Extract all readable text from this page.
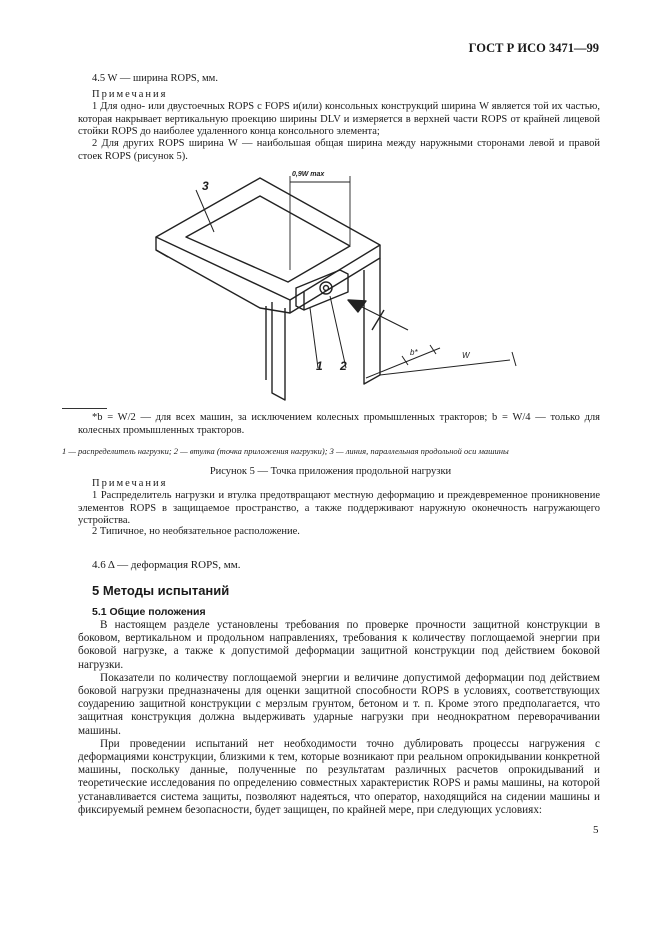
ГОСТ Р ИСО 3471—99
4.5 W — ширина ROPS, мм.
Примечания
1 Для одно- или двустоечных ROPS с FOPS и(или) консольных конструкций ширина W является той их частью, которая накрывает вертикальную проекцию ширины DLV и измеряется в верхней части ROPS от крайней лицевой стойки ROPS до наиболее удаленного конца консольного элемента;
2 Для других ROPS ширина W — наибольшая общая ширина между наружными сторонами левой и правой стоек ROPS (рисунок 5).
0,9W max
b*	W
1 2
3
*b = W/2 — для всех машин, за исключением колесных промышленных тракторов; b = W/4 — только для колесных промышленных тракторов.
1 — распределитель нагрузки; 2 — втулка (точка приложения нагрузки); 3 — линия, параллельная продольной оси машины
Рисунок 5 — Точка приложения продольной нагрузки
Примечания
1 Распределитель нагрузки и втулка предотвращают местную деформацию и преждевременное проникновение элементов ROPS в защищаемое пространство, а также поддерживают наружную оконечность нагружающего устройства.
2 Типичное, но необязательное расположение.
4.6 Δ — деформация ROPS, мм.
5 Методы испытаний
5.1 Общие положения

В настоящем разделе установлены требования по проверке прочности защитной конструкции в боковом, вертикальном и продольном направлениях, требования к количеству поглощаемой энергии при боковой нагрузке, а также к допустимой деформации защитной конструкции под действием боковой нагрузки.

Показатели по количеству поглощаемой энергии и величине допустимой деформации под действием боковой нагрузки предназначены для оценки защитной способности ROPS в условиях, соответствующих соударению защитной конструкции с мерзлым грунтом, бетоном и т. п. Кроме этого предполагается, что защитная конструкция должна выдерживать ударные нагрузки при неоднократном переворачивании машины.

При проведении испытаний нет необходимости точно дублировать процессы нагружения с деформациями конструкции, близкими к тем, которые возникают при реальном опрокидывании конкретной машины, поскольку данные, полученные по результатам различных расчетов опрокидываний и теоретические исследования по определению совместных характеристик ROPS и рамы машины, на которой устанавливается система защиты, позволяют надеяться, что оператор, находящийся на сидении машины и фиксируемый ремнем безопасности, будет защищен, по крайней мере, при следующих условиях:

5
